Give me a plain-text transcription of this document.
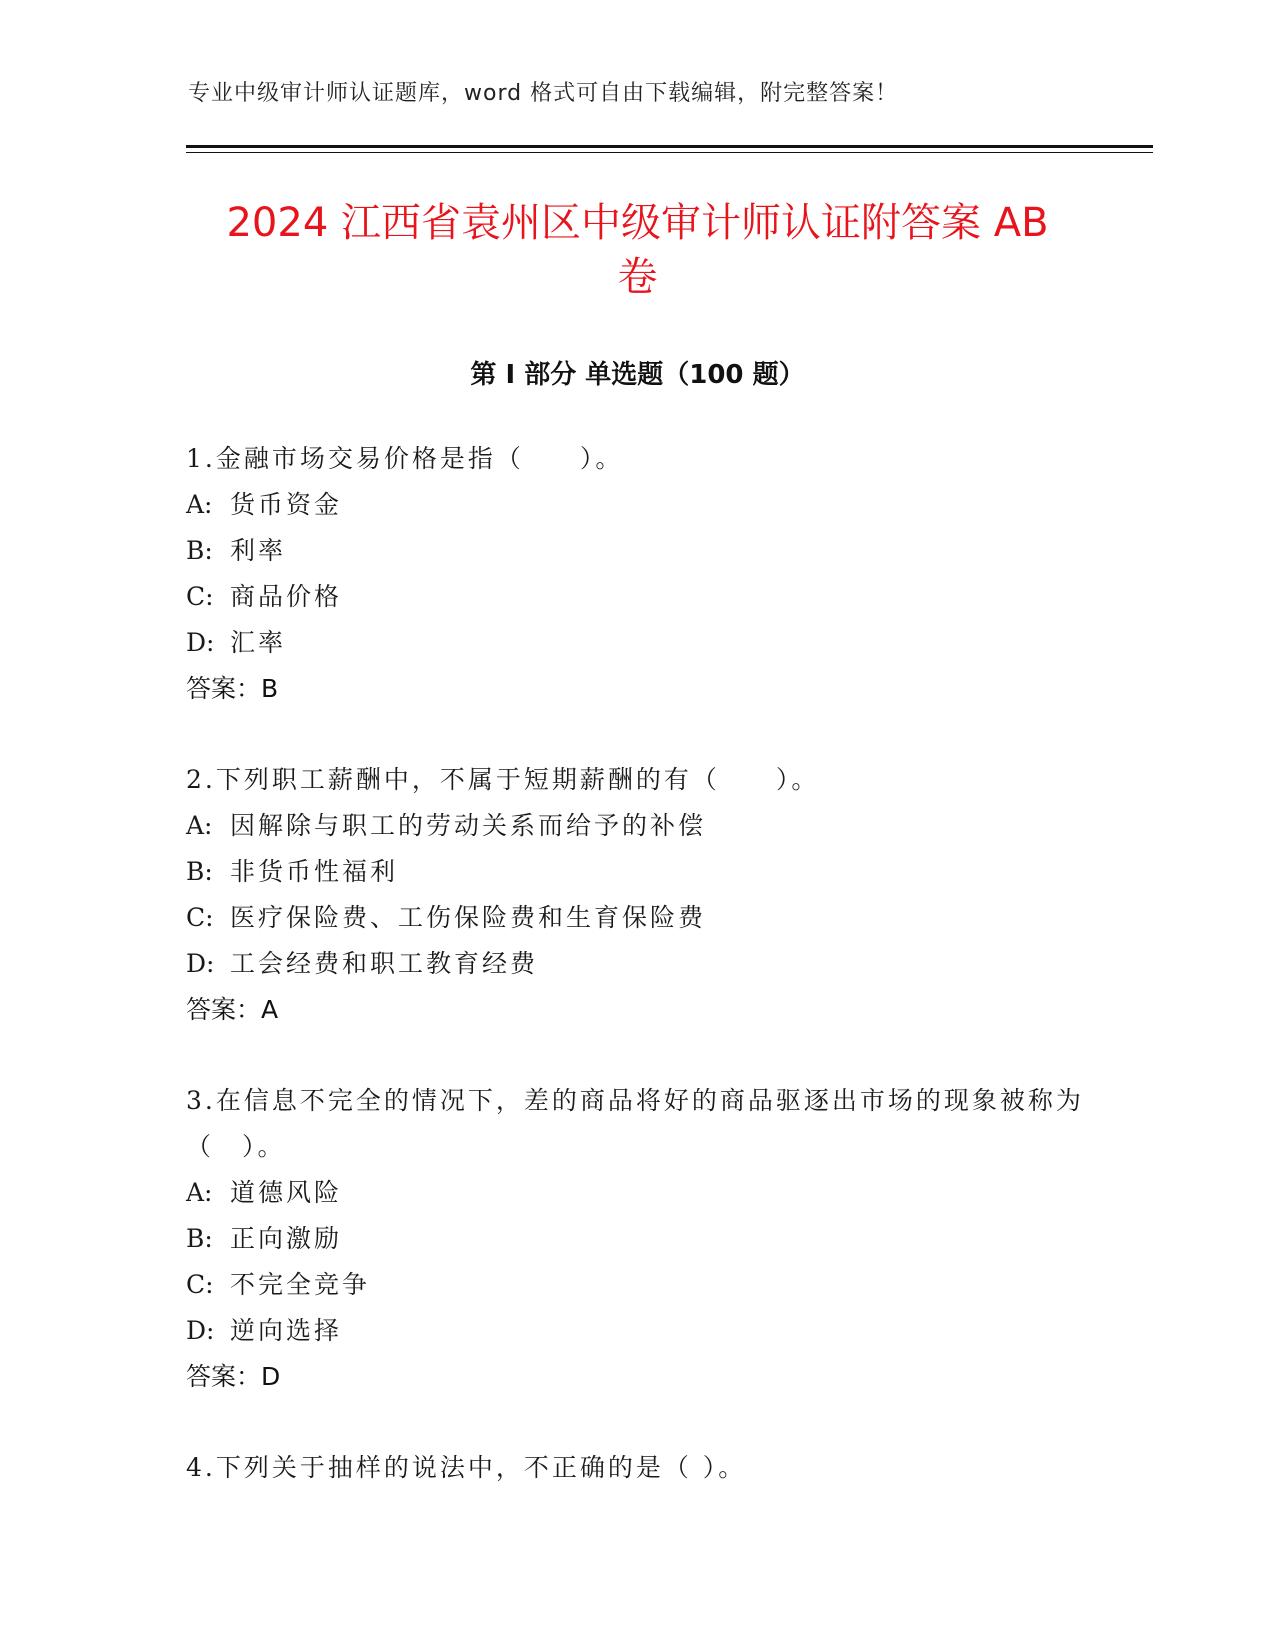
专业中级审计师认证题库，word 格式可自由下载编辑，附完整答案！
2024 江西省袁州区中级审计师认证附答案 AB
卷
第 I 部分 单选题（100 题）
1.金融市场交易价格是指（　　）。
A: 货币资金
B: 利率
C: 商品价格
D: 汇率
答案：B
2.下列职工薪酬中，不属于短期薪酬的有（　　）。
A: 因解除与职工的劳动关系而给予的补偿
B: 非货币性福利
C: 医疗保险费、工伤保险费和生育保险费
D: 工会经费和职工教育经费
答案：A
3.在信息不完全的情况下，差的商品将好的商品驱逐出市场的现象被称为（　）。
A: 道德风险
B: 正向激励
C: 不完全竞争
D: 逆向选择
答案：D
4.下列关于抽样的说法中，不正确的是（ ）。
